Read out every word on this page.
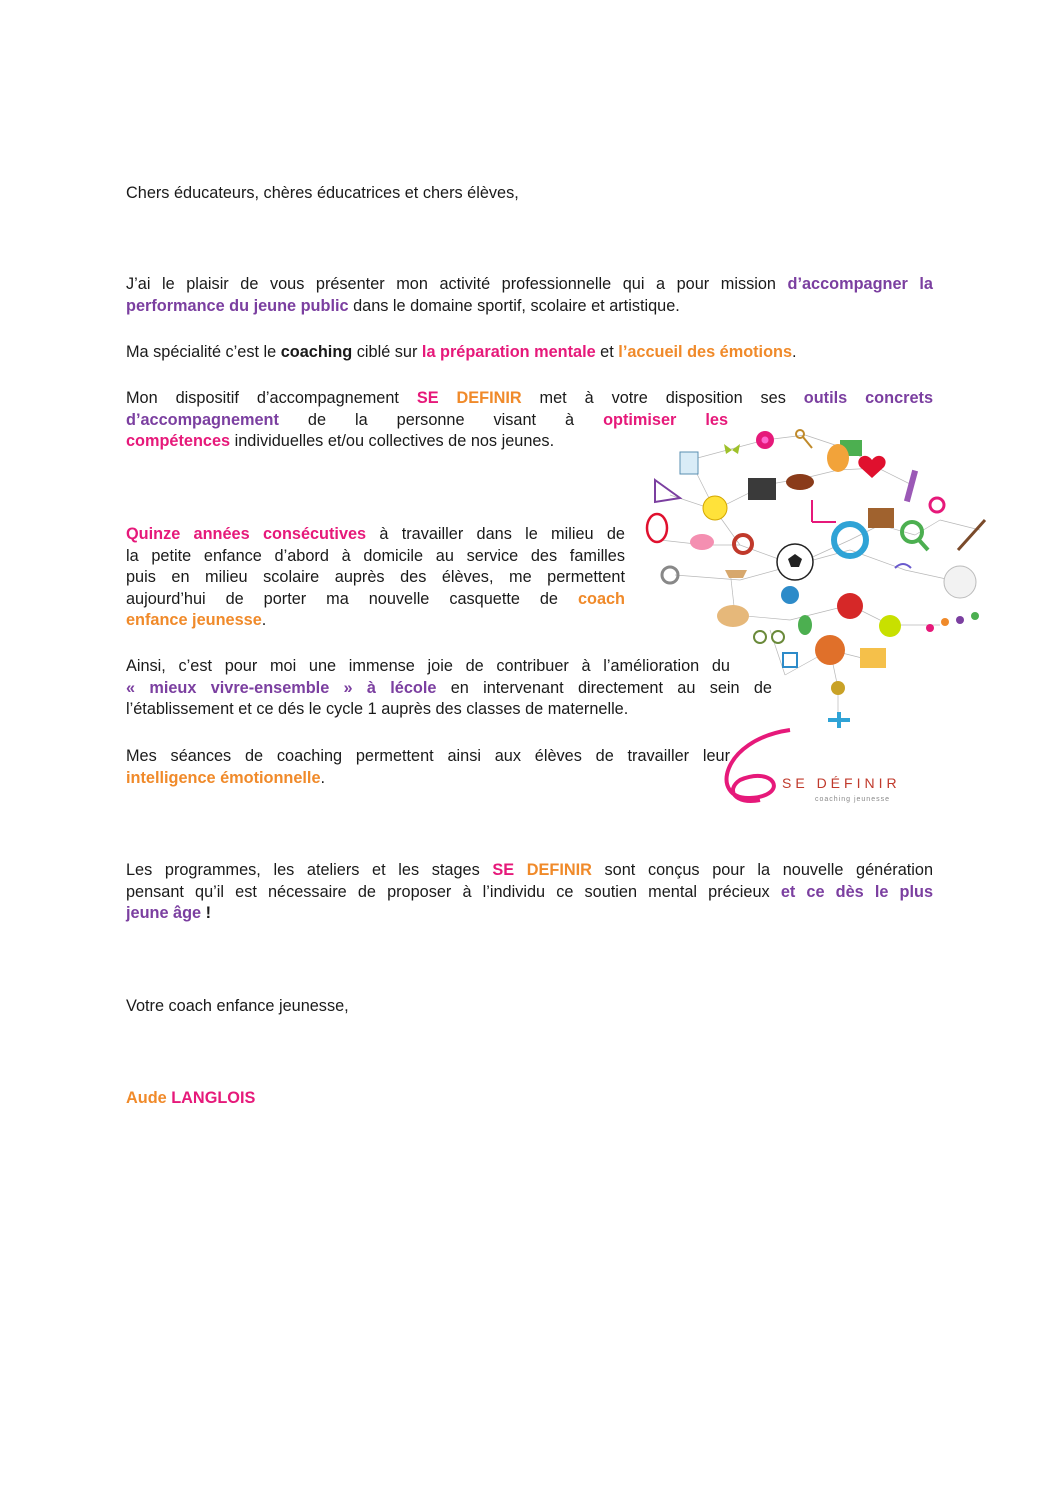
Chers éducateurs, chères éducatrices et chers élèves,

J’ai le plaisir de vous présenter mon activité professionnelle qui a pour mission d’accompagner la
performance du jeune public dans le domaine sportif, scolaire et artistique.

Ma spécialité c’est le coaching ciblé sur la préparation mentale et l’accueil des émotions.

Mon dispositif d’accompagnement SE DEFINIR met à votre disposition ses outils concrets
d’accompagnement de la personne visant à optimiser les
compétences individuelles et/ou collectives de nos jeunes.

Quinze années consécutives à travailler dans le milieu de
la petite enfance d’abord à domicile au service des familles
puis en milieu scolaire auprès des élèves, me permettent
aujourd’hui de porter ma nouvelle casquette de coach
enfance jeunesse.

Ainsi, c’est pour moi une immense joie de contribuer à l’amélioration du
« mieux vivre-ensemble » à lécole en intervenant directement au sein de
l’établissement et ce dés le cycle 1 auprès des classes de maternelle.

Mes séances de coaching permettent ainsi aux élèves de travailler leur
intelligence émotionnelle.

Les programmes, les ateliers et les stages SE DEFINIR sont conçus pour la nouvelle génération
pensant qu’il est nécessaire de proposer à l’individu ce soutien mental précieux et ce dès le plus
jeune âge !

Votre coach enfance jeunesse,

Aude LANGLOIS

SE DÉFINIR
coaching jeunesse
